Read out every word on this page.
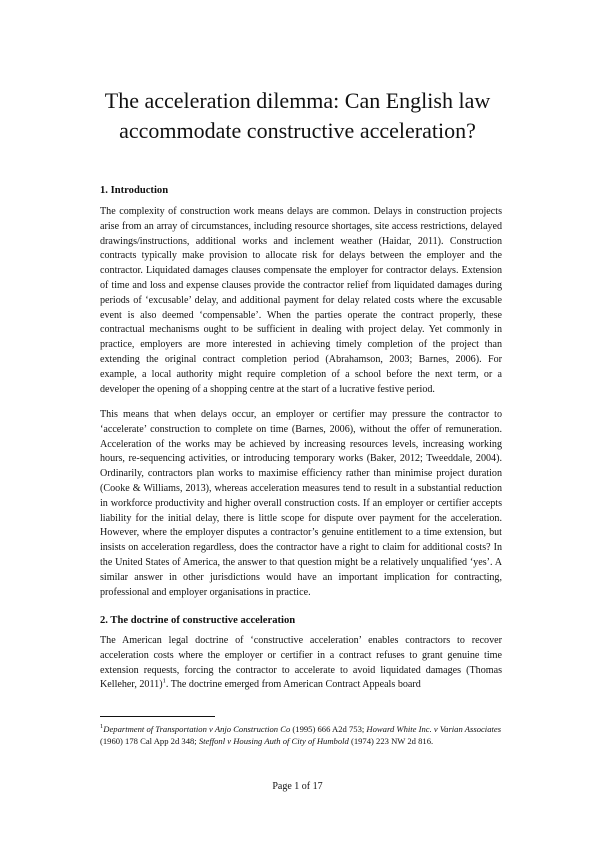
The acceleration dilemma: Can English law
accommodate constructive acceleration?
1. Introduction

The complexity of construction work means delays are common. Delays in construction projects arise from an array of circumstances, including resource shortages, site access restrictions, delayed drawings/instructions, additional works and inclement weather (Haidar, 2011). Construction contracts typically make provision to allocate risk for delays between the employer and the contractor. Liquidated damages clauses compensate the employer for contractor delays. Extension of time and loss and expense clauses provide the contractor relief from liquidated damages during periods of ‘excusable’ delay, and additional payment for delay related costs where the excusable event is also deemed ‘compensable’. When the parties operate the contract properly, these contractual mechanisms ought to be sufficient in dealing with project delay. Yet commonly in practice, employers are more interested in achieving timely completion of the project than extending the original contract completion period (Abrahamson, 2003; Barnes, 2006). For example, a local authority might require completion of a school before the next term, or a developer the opening of a shopping centre at the start of a lucrative festive period.

This means that when delays occur, an employer or certifier may pressure the contractor to ‘accelerate’ construction to complete on time (Barnes, 2006), without the offer of remuneration. Acceleration of the works may be achieved by increasing resources levels, increasing working hours, re-sequencing activities, or introducing temporary works (Baker, 2012; Tweeddale, 2004). Ordinarily, contractors plan works to maximise efficiency rather than minimise project duration (Cooke & Williams, 2013), whereas acceleration measures tend to result in a substantial reduction in workforce productivity and higher overall construction costs. If an employer or certifier accepts liability for the initial delay, there is little scope for dispute over payment for the acceleration. However, where the employer disputes a contractor’s genuine entitlement to a time extension, but insists on acceleration regardless, does the contractor have a right to claim for additional costs? In the United States of America, the answer to that question might be a relatively unqualified ‘yes’. A similar answer in other jurisdictions would have an important implication for contracting, professional and employer organisations in practice.

2. The doctrine of constructive acceleration

The American legal doctrine of ‘constructive acceleration’ enables contractors to recover acceleration costs where the employer or certifier in a contract refuses to grant genuine time extension requests, forcing the contractor to accelerate to avoid liquidated damages (Thomas Kelleher, 2011)$^1$. The doctrine emerged from American Contract Appeals board

$^1$Department of Transportation v Anjo Construction Co (1995) 666 A2d 753; Howard White Inc. v Varian Associates (1960) 178 Cal App 2d 348; Steffonl v Housing Auth of City of Humbold (1974) 223 NW 2d 816.

Page 1 of 17
